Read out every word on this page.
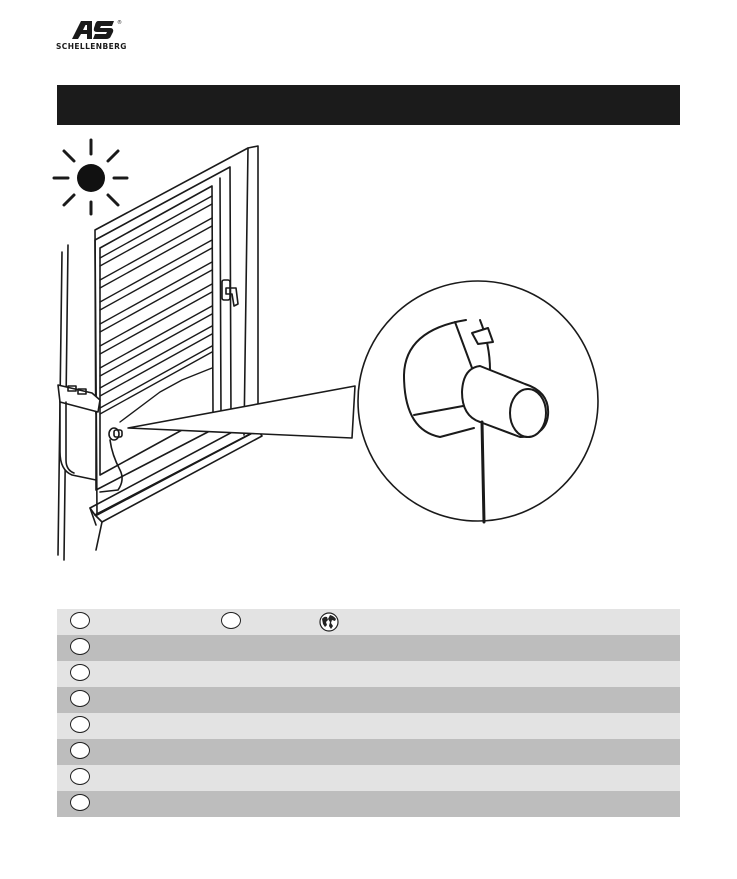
®
SCHELLENBERG
